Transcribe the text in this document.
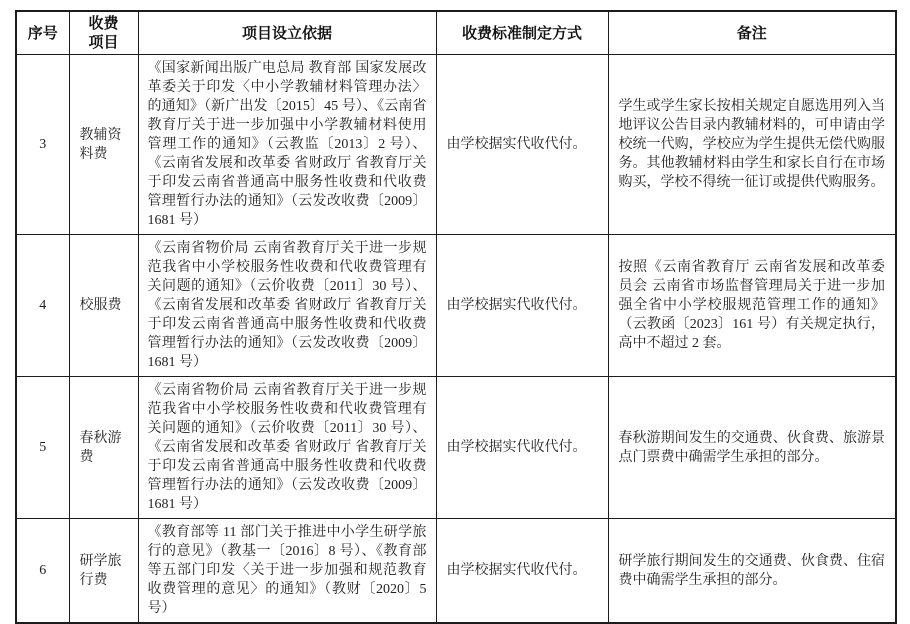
序号	收费项目	项目设立依据	收费标准制定方式	备注
3	教辅资料费	《国家新闻出版广电总局 教育部 国家发展改革委关于印发〈中小学教辅材料管理办法〉的通知》（新广出发〔2015〕45 号）、《云南省教育厅关于进一步加强中小学教辅材料使用管理工作的通知》（云教监〔2013〕2 号）、《云南省发展和改革委 省财政厅 省教育厅关于印发云南省普通高中服务性收费和代收费管理暂行办法的通知》（云发改收费〔2009〕1681 号）	由学校据实代收代付。	学生或学生家长按相关规定自愿选用列入当地评议公告目录内教辅材料的，可申请由学校统一代购，学校应为学生提供无偿代购服务。其他教辅材料由学生和家长自行在市场购买，学校不得统一征订或提供代购服务。
4	校服费	《云南省物价局 云南省教育厅关于进一步规范我省中小学校服务性收费和代收费管理有关问题的通知》（云价收费〔2011〕30 号）、《云南省发展和改革委 省财政厅 省教育厅关于印发云南省普通高中服务性收费和代收费管理暂行办法的通知》（云发改收费〔2009〕1681 号）	由学校据实代收代付。	按照《云南省教育厅 云南省发展和改革委员会 云南省市场监督管理局关于进一步加强全省中小学校服规范管理工作的通知》（云教函〔2023〕161 号）有关规定执行，高中不超过 2 套。
5	春秋游费	《云南省物价局 云南省教育厅关于进一步规范我省中小学校服务性收费和代收费管理有关问题的通知》（云价收费〔2011〕30 号）、《云南省发展和改革委 省财政厅 省教育厅关于印发云南省普通高中服务性收费和代收费管理暂行办法的通知》（云发改收费〔2009〕1681 号）	由学校据实代收代付。	春秋游期间发生的交通费、伙食费、旅游景点门票费中确需学生承担的部分。
6	研学旅行费	《教育部等 11 部门关于推进中小学生研学旅行的意见》（教基一〔2016〕8 号）、《教育部等五部门印发〈关于进一步加强和规范教育收费管理的意见〉的通知》（教财〔2020〕5 号）	由学校据实代收代付。	研学旅行期间发生的交通费、伙食费、住宿费中确需学生承担的部分。
